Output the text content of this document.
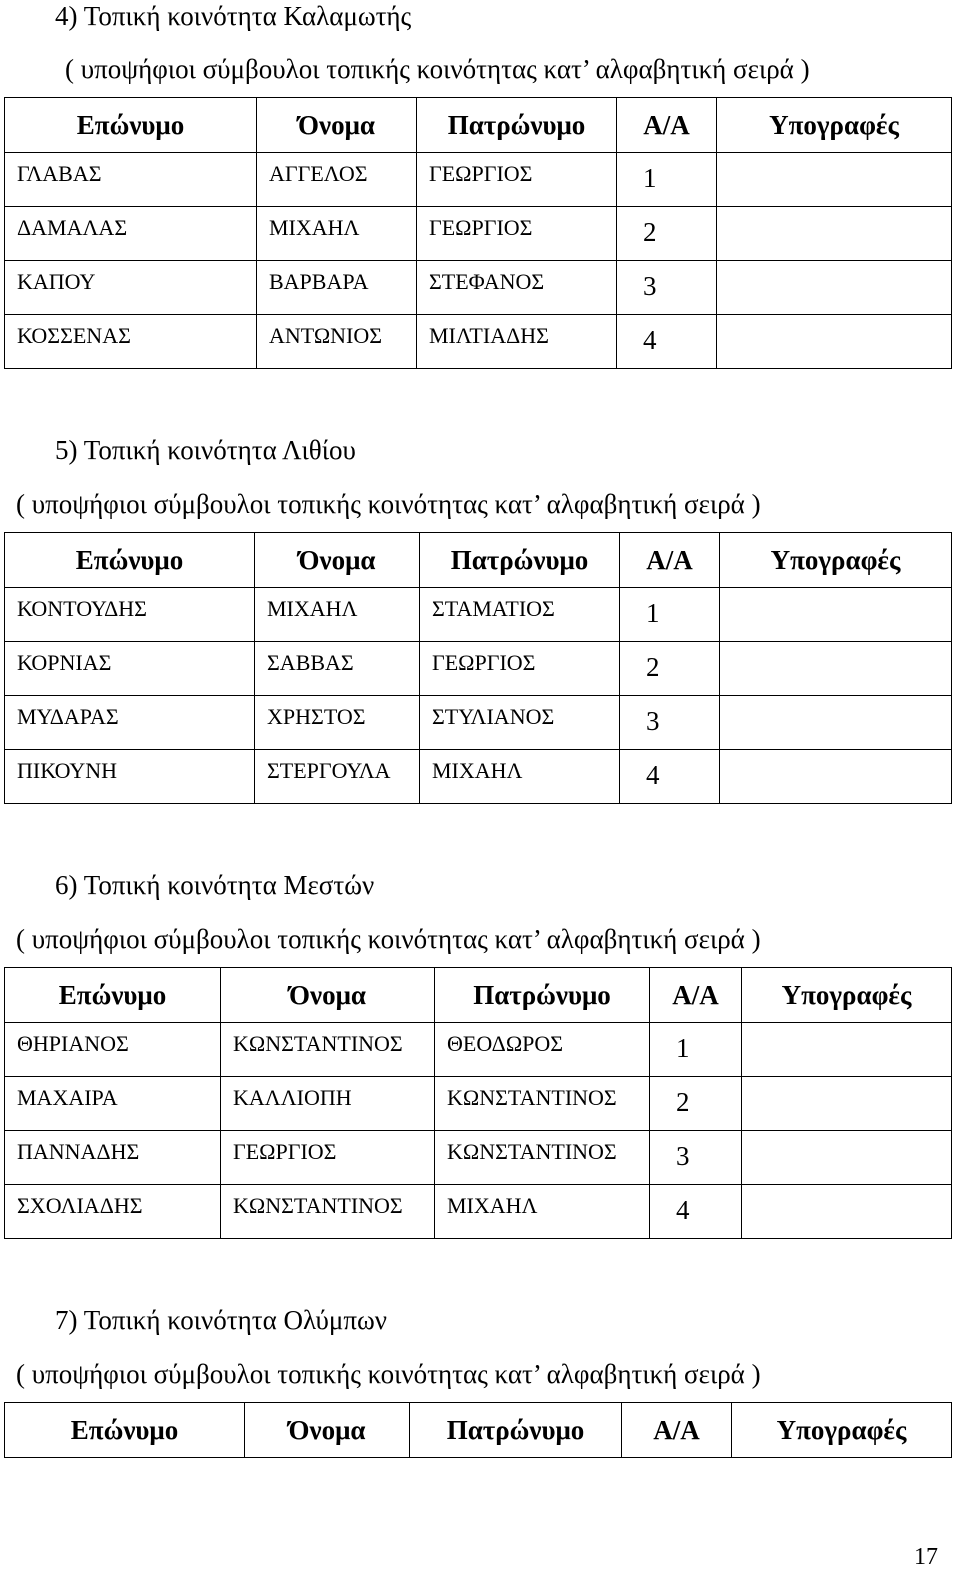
4) Τοπική κοινότητα Καλαμωτής
( υποψήφιοι σύμβουλοι τοπικής κοινότητας κατ’ αλφαβητική σειρά )
Επώνυμο	Όνομα	Πατρώνυμο	Α/Α	Υπογραφές

ΓΛΑΒΑΣ	ΑΓΓΕΛΟΣ	ΓΕΩΡΓΙΟΣ	1	

ΔΑΜΑΛΑΣ	ΜΙΧΑΗΛ	ΓΕΩΡΓΙΟΣ	2	

ΚΑΠΟΥ	ΒΑΡΒΑΡΑ	ΣΤΕΦΑΝΟΣ	3	

ΚΟΣΣΕΝΑΣ	ΑΝΤΩΝΙΟΣ	ΜΙΛΤΙΑΔΗΣ	4	

5) Τοπική κοινότητα Λιθίου
( υποψήφιοι σύμβουλοι τοπικής κοινότητας κατ’ αλφαβητική σειρά )
Επώνυμο	Όνομα	Πατρώνυμο	Α/Α	Υπογραφές

ΚΟΝΤΟΥΔΗΣ	ΜΙΧΑΗΛ	ΣΤΑΜΑΤΙΟΣ	1	

ΚΟΡΝΙΑΣ	ΣΑΒΒΑΣ	ΓΕΩΡΓΙΟΣ	2	

ΜΥΔΑΡΑΣ	ΧΡΗΣΤΟΣ	ΣΤΥΛΙΑΝΟΣ	3	

ΠΙΚΟΥΝΗ	ΣΤΕΡΓΟΥΛΑ	ΜΙΧΑΗΛ	4	

6) Τοπική κοινότητα Μεστών
( υποψήφιοι σύμβουλοι τοπικής κοινότητας κατ’ αλφαβητική σειρά )
Επώνυμο	Όνομα	Πατρώνυμο	Α/Α	Υπογραφές

ΘΗΡΙΑΝΟΣ	ΚΩΝΣΤΑΝΤΙΝΟΣ	ΘΕΟΔΩΡΟΣ	1	

ΜΑΧΑΙΡΑ	ΚΑΛΛΙΟΠΗ	ΚΩΝΣΤΑΝΤΙΝΟΣ	2	

ΠΑΝΝΑΔΗΣ	ΓΕΩΡΓΙΟΣ	ΚΩΝΣΤΑΝΤΙΝΟΣ	3	

ΣΧΟΛΙΑΔΗΣ	ΚΩΝΣΤΑΝΤΙΝΟΣ	ΜΙΧΑΗΛ	4	

7) Τοπική κοινότητα Ολύμπων
( υποψήφιοι σύμβουλοι τοπικής κοινότητας κατ’ αλφαβητική σειρά )
Επώνυμο	Όνομα	Πατρώνυμο	Α/Α	Υπογραφές
17
